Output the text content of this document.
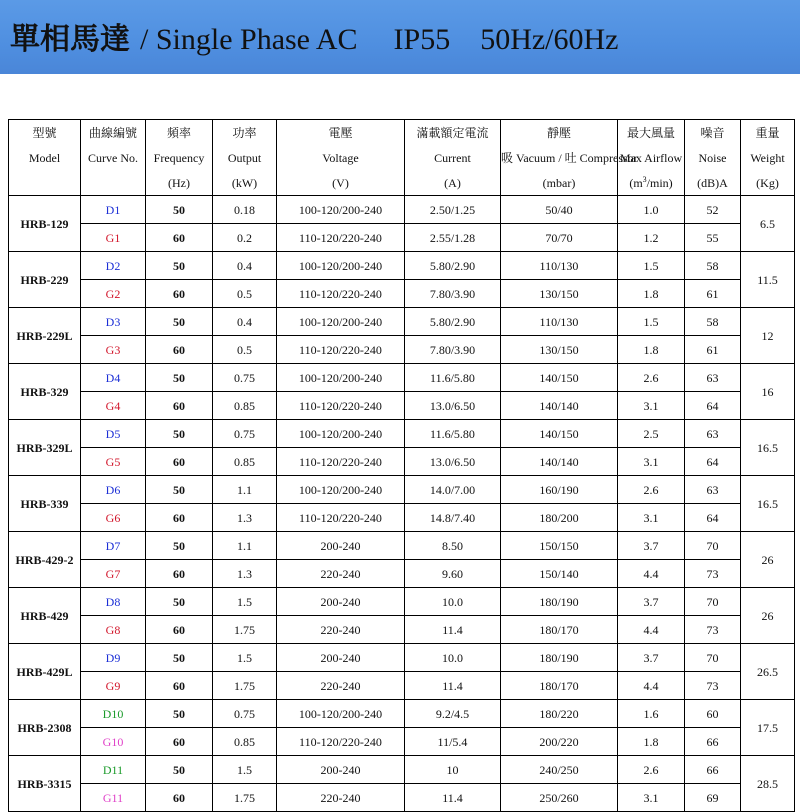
單相馬達 / Single Phase AC IP55 50Hz/60Hz
型號	曲線編號	頻率	功率	電壓	滿載額定電流	靜壓	最大風量	噪音	重量
Model	Curve No.	Frequency	Output	Voltage	Current	吸 Vacuum / 吐 Compressor	Max Airflow	Noise	Weight
		(Hz)	(kW)	(V)	(A)	(mbar)	$(m^3/\min)$	(dB)A	(Kg)
HRB-129	D1	50	0.18	100-120/200-240	2.50/1.25	50/40	1.0	52	6.5
	G1	60	0.2	110-120/220-240	2.55/1.28	70/70	1.2	55	
HRB-229	D2	50	0.4	100-120/200-240	5.80/2.90	110/130	1.5	58	11.5
	G2	60	0.5	110-120/220-240	7.80/3.90	130/150	1.8	61	
HRB-229L	D3	50	0.4	100-120/200-240	5.80/2.90	110/130	1.5	58	12
	G3	60	0.5	110-120/220-240	7.80/3.90	130/150	1.8	61	
HRB-329	D4	50	0.75	100-120/200-240	11.6/5.80	140/150	2.6	63	16
	G4	60	0.85	110-120/220-240	13.0/6.50	140/140	3.1	64	
HRB-329L	D5	50	0.75	100-120/200-240	11.6/5.80	140/150	2.5	63	16.5
	G5	60	0.85	110-120/220-240	13.0/6.50	140/140	3.1	64	
HRB-339	D6	50	1.1	100-120/200-240	14.0/7.00	160/190	2.6	63	16.5
	G6	60	1.3	110-120/220-240	14.8/7.40	180/200	3.1	64	
HRB-429-2	D7	50	1.1	200-240	8.50	150/150	3.7	70	26
	G7	60	1.3	220-240	9.60	150/140	4.4	73	
HRB-429	D8	50	1.5	200-240	10.0	180/190	3.7	70	26
	G8	60	1.75	220-240	11.4	180/170	4.4	73	
HRB-429L	D9	50	1.5	200-240	10.0	180/190	3.7	70	26.5
	G9	60	1.75	220-240	11.4	180/170	4.4	73	
HRB-2308	D10	50	0.75	100-120/200-240	9.2/4.5	180/220	1.6	60	17.5
	G10	60	0.85	110-120/220-240	11/5.4	200/220	1.8	66	
HRB-3315	D11	50	1.5	200-240	10	240/250	2.6	66	28.5
	G11	60	1.75	220-240	11.4	250/260	3.1	69	
